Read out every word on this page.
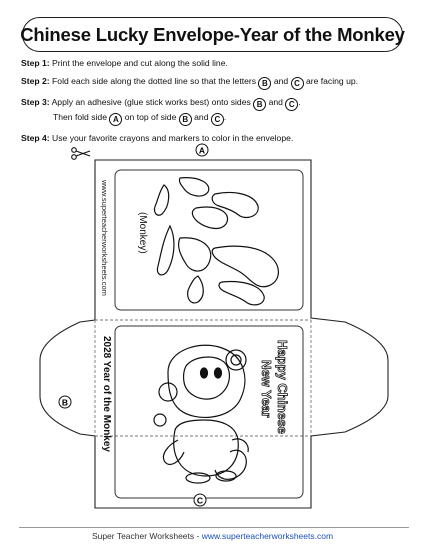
Chinese Lucky Envelope-Year of the Monkey
Step 1: Print the envelope and cut along the solid line.
Step 2: Fold each side along the dotted line so that the letters B and C are facing up.
Step 3: Apply an adhesive (glue stick works best) onto sides B and C .
Then fold side A on top of side B and C .
Step 4: Use your favorite crayons and markers to color in the envelope.
A
www.superteacherworksheets.com	(Monkey)
2028 Year of the Monkey	Happy Chinese
New Year
B
C
Super Teacher Worksheets - www.superteacherworksheets.com
